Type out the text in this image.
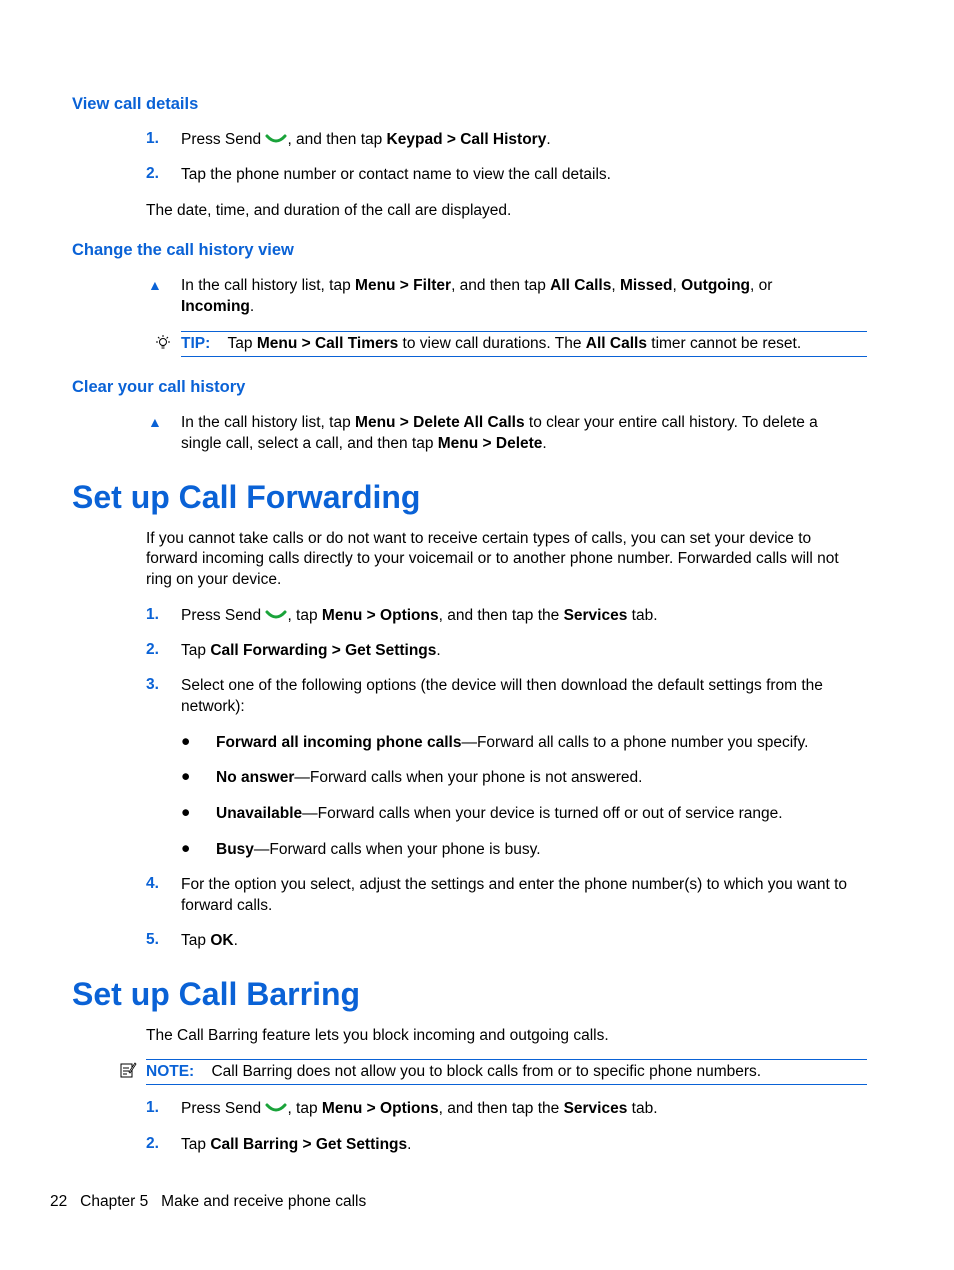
View call details
1. Press Send , and then tap Keypad > Call History.
2. Tap the phone number or contact name to view the call details.
The date, time, and duration of the call are displayed.
Change the call history view
▲ In the call history list, tap Menu > Filter, and then tap All Calls, Missed, Outgoing, or
Incoming.
TIP: Tap Menu > Call Timers to view call durations. The All Calls timer cannot be reset.
Clear your call history
▲ In the call history list, tap Menu > Delete All Calls to clear your entire call history. To delete a
single call, select a call, and then tap Menu > Delete.
Set up Call Forwarding
If you cannot take calls or do not want to receive certain types of calls, you can set your device to
forward incoming calls directly to your voicemail or to another phone number. Forwarded calls will not
ring on your device.
1. Press Send , tap Menu > Options, and then tap the Services tab.
2. Tap Call Forwarding > Get Settings.
3. Select one of the following options (the device will then download the default settings from the
network):
● Forward all incoming phone calls—Forward all calls to a phone number you specify.
● No answer—Forward calls when your phone is not answered.
● Unavailable—Forward calls when your device is turned off or out of service range.
● Busy—Forward calls when your phone is busy.
4. For the option you select, adjust the settings and enter the phone number(s) to which you want to
forward calls.
5. Tap OK.
Set up Call Barring
The Call Barring feature lets you block incoming and outgoing calls.
NOTE: Call Barring does not allow you to block calls from or to specific phone numbers.
1. Press Send , tap Menu > Options, and then tap the Services tab.
2. Tap Call Barring > Get Settings.
22 Chapter 5 Make and receive phone calls
